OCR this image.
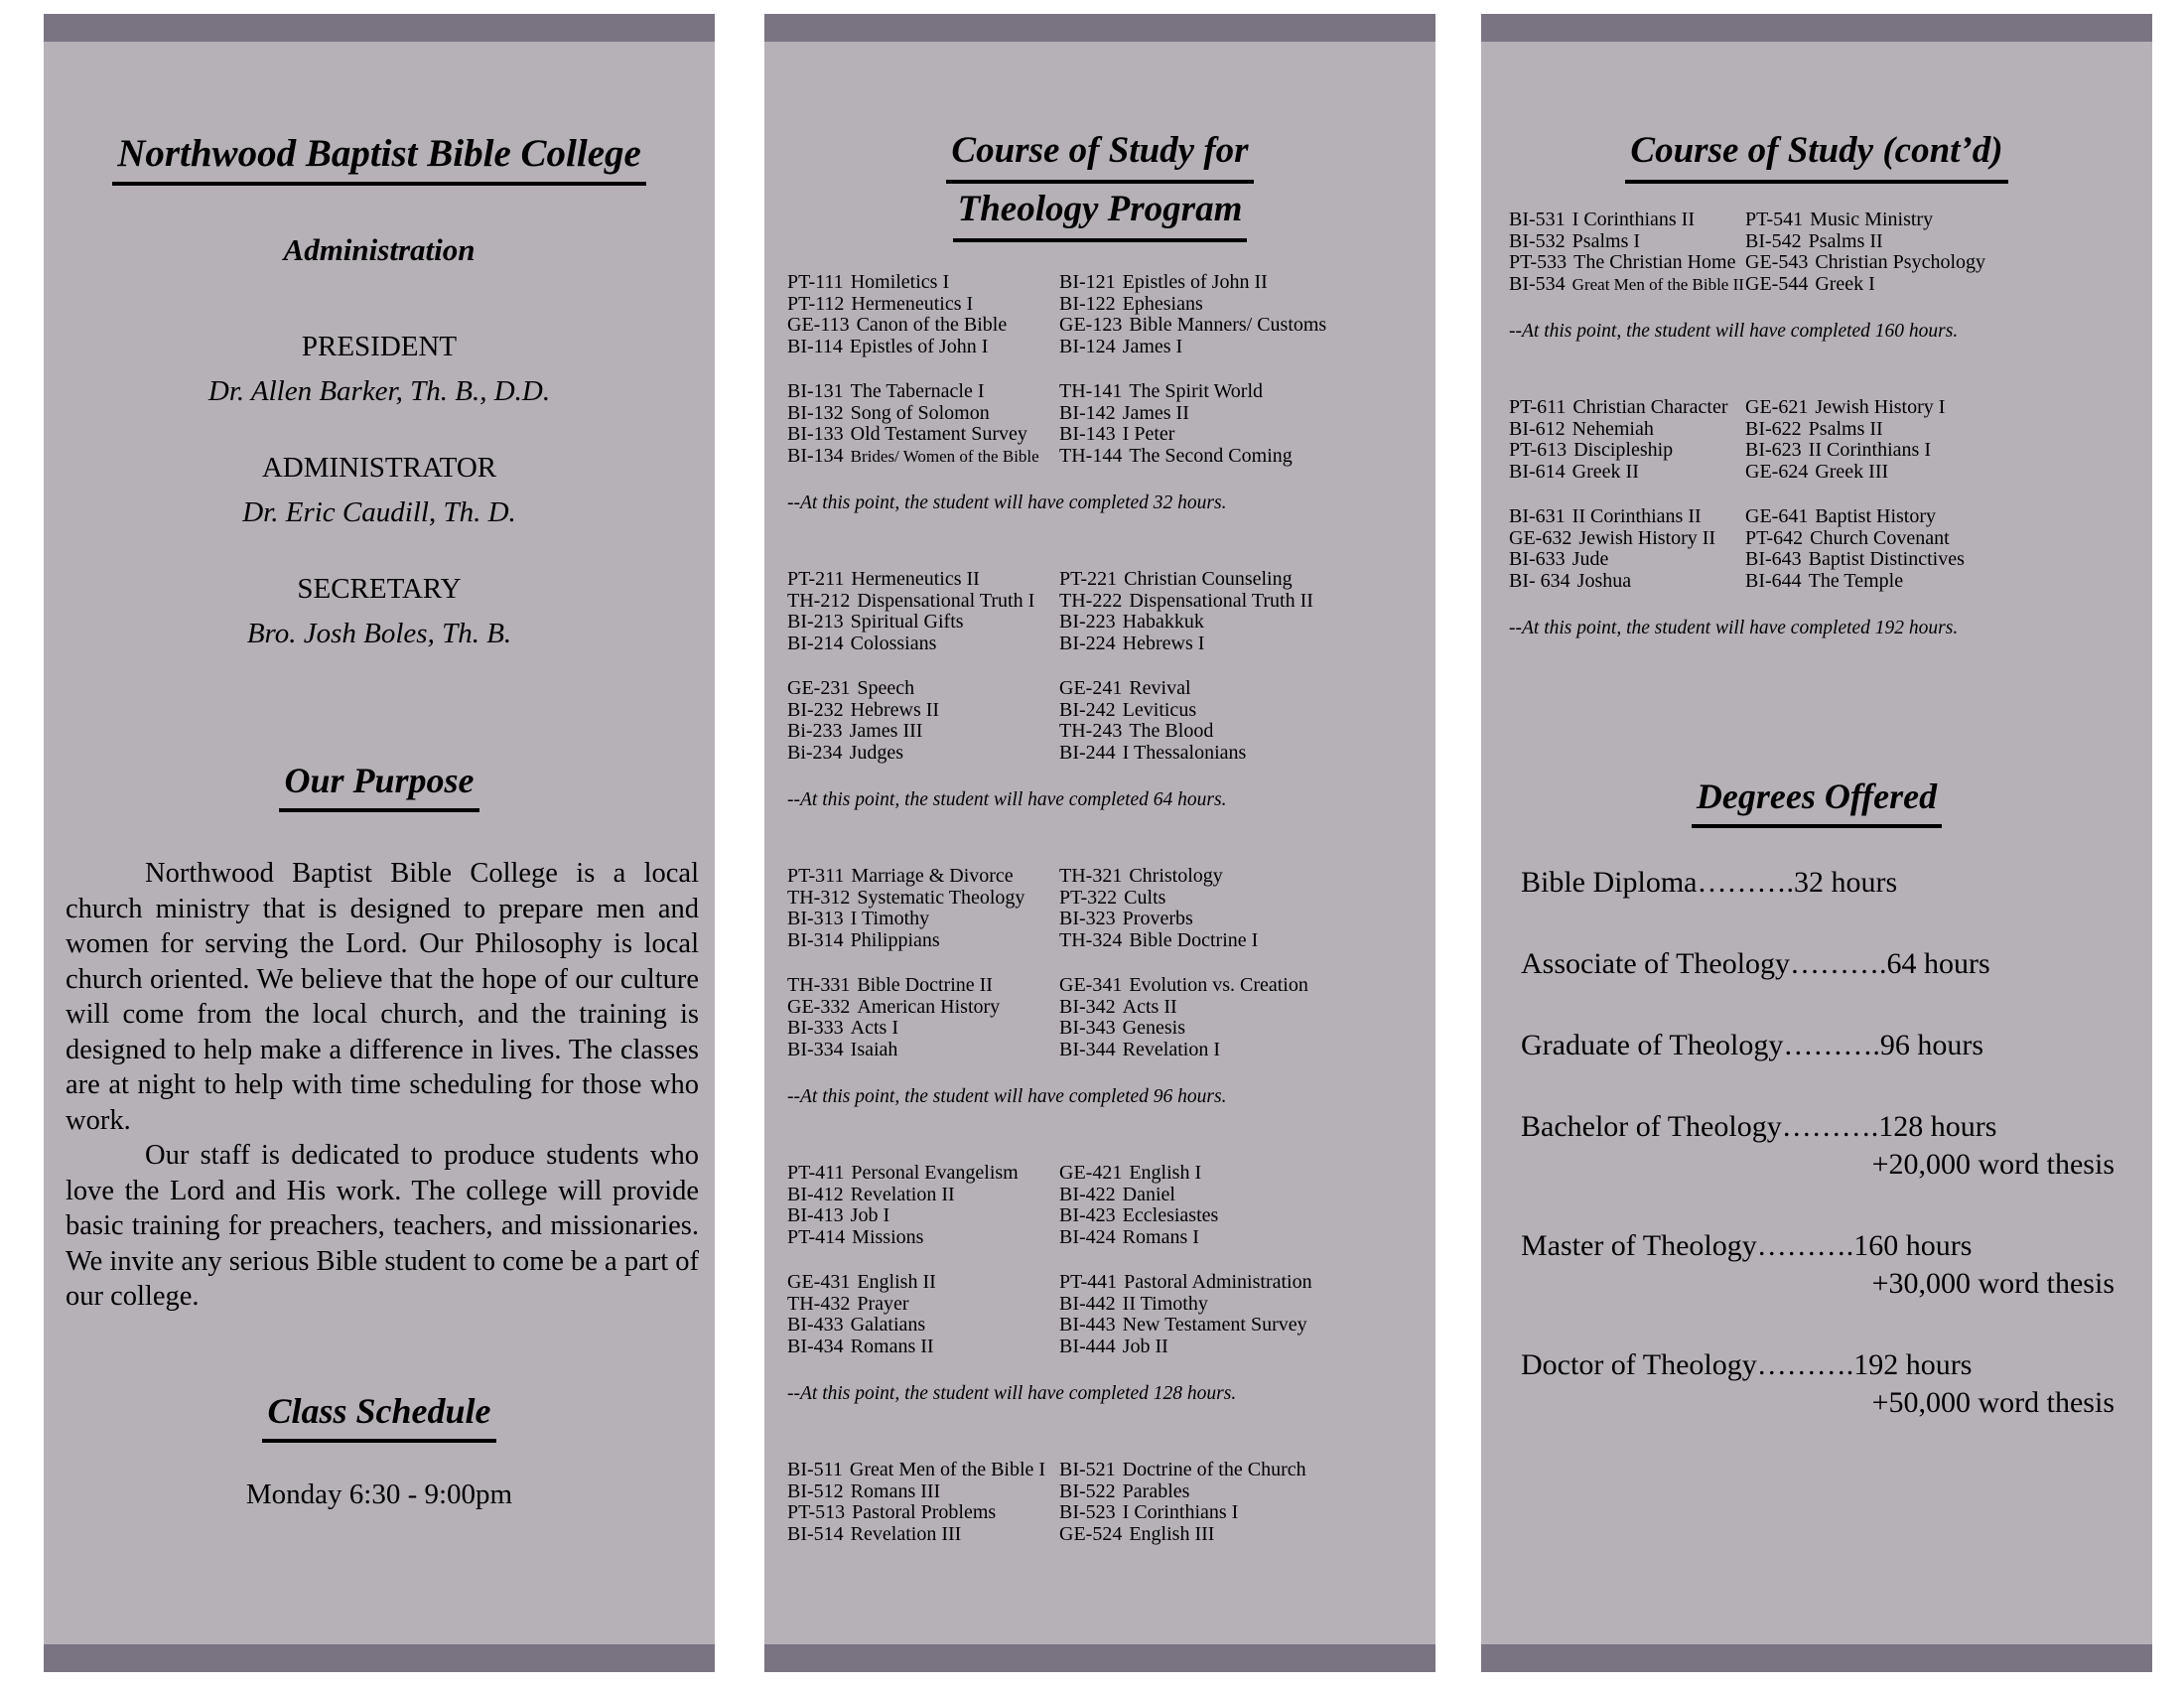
Northwood Baptist Bible College
Administration
PRESIDENT
Dr. Allen Barker, Th. B., D.D.
ADMINISTRATOR
Dr. Eric Caudill, Th. D.
SECRETARY
Bro. Josh Boles, Th. B.
Our Purpose

Northwood Baptist Bible College is a local church ministry that is designed to prepare men and women for serving the Lord. Our Philosophy is local church oriented. We believe that the hope of our culture will come from the local church, and the training is designed to help make a difference in lives. The classes are at night to help with time scheduling for those who work.

Our staff is dedicated to produce students who love the Lord and His work. The college will provide basic training for preachers, teachers, and missionaries. We invite any serious Bible student to come be a part of our college.

Class Schedule
Monday 6:30 - 9:00pm
Course of Study for
Theology Program
PT-111 Homiletics I	BI-121 Epistles of John II
PT-112 Hermeneutics I	BI-122 Ephesians
GE-113 Canon of the Bible	GE-123 Bible Manners/ Customs
BI-114 Epistles of John I	BI-124 James I
BI-131 The Tabernacle I	TH-141 The Spirit World
BI-132 Song of Solomon	BI-142 James II
BI-133 Old Testament Survey	BI-143 I Peter
BI-134 Brides/ Women of the Bible	TH-144 The Second Coming
--At this point, the student will have completed 32 hours.
PT-211 Hermeneutics II	PT-221 Christian Counseling
TH-212 Dispensational Truth I	TH-222 Dispensational Truth II
BI-213 Spiritual Gifts	BI-223 Habakkuk
BI-214 Colossians	BI-224 Hebrews I
GE-231 Speech	GE-241 Revival
BI-232 Hebrews II	BI-242 Leviticus
Bi-233 James III	TH-243 The Blood
Bi-234 Judges	BI-244 I Thessalonians
--At this point, the student will have completed 64 hours.
PT-311 Marriage & Divorce	TH-321 Christology
TH-312 Systematic Theology	PT-322 Cults
BI-313 I Timothy	BI-323 Proverbs
BI-314 Philippians	TH-324 Bible Doctrine I
TH-331 Bible Doctrine II	GE-341 Evolution vs. Creation
GE-332 American History	BI-342 Acts II
BI-333 Acts I	BI-343 Genesis
BI-334 Isaiah	BI-344 Revelation I
--At this point, the student will have completed 96 hours.
PT-411 Personal Evangelism	GE-421 English I
BI-412 Revelation II	BI-422 Daniel
BI-413 Job I	BI-423 Ecclesiastes
PT-414 Missions	BI-424 Romans I
GE-431 English II	PT-441 Pastoral Administration
TH-432 Prayer	BI-442 II Timothy
BI-433 Galatians	BI-443 New Testament Survey
BI-434 Romans II	BI-444 Job II
--At this point, the student will have completed 128 hours.
BI-511 Great Men of the Bible I BI-521 Doctrine of the Church
BI-512 Romans III	BI-522 Parables
PT-513 Pastoral Problems	BI-523 I Corinthians I
BI-514 Revelation III	GE-524 English III
Course of Study (cont’d)
BI-531 I Corinthians II	PT-541 Music Ministry
BI-532 Psalms I	BI-542 Psalms II
PT-533 The Christian Home GE-543 Christian Psychology
BI-534 Great Men of the Bible II GE-544 Greek I
--At this point, the student will have completed 160 hours.
PT-611 Christian Character GE-621 Jewish History I
BI-612 Nehemiah	BI-622 Psalms II
PT-613 Discipleship	BI-623 II Corinthians I
BI-614 Greek II	GE-624 Greek III
BI-631 II Corinthians II	GE-641 Baptist History
GE-632 Jewish History II	PT-642 Church Covenant
BI-633 Jude	BI-643 Baptist Distinctives
BI- 634 Joshua	BI-644 The Temple
--At this point, the student will have completed 192 hours.
Degrees Offered
Bible Diploma……….32 hours
Associate of Theology……….64 hours
Graduate of Theology……….96 hours
Bachelor of Theology……….128 hours
+20,000 word thesis
Master of Theology……….160 hours
+30,000 word thesis
Doctor of Theology……….192 hours
+50,000 word thesis
